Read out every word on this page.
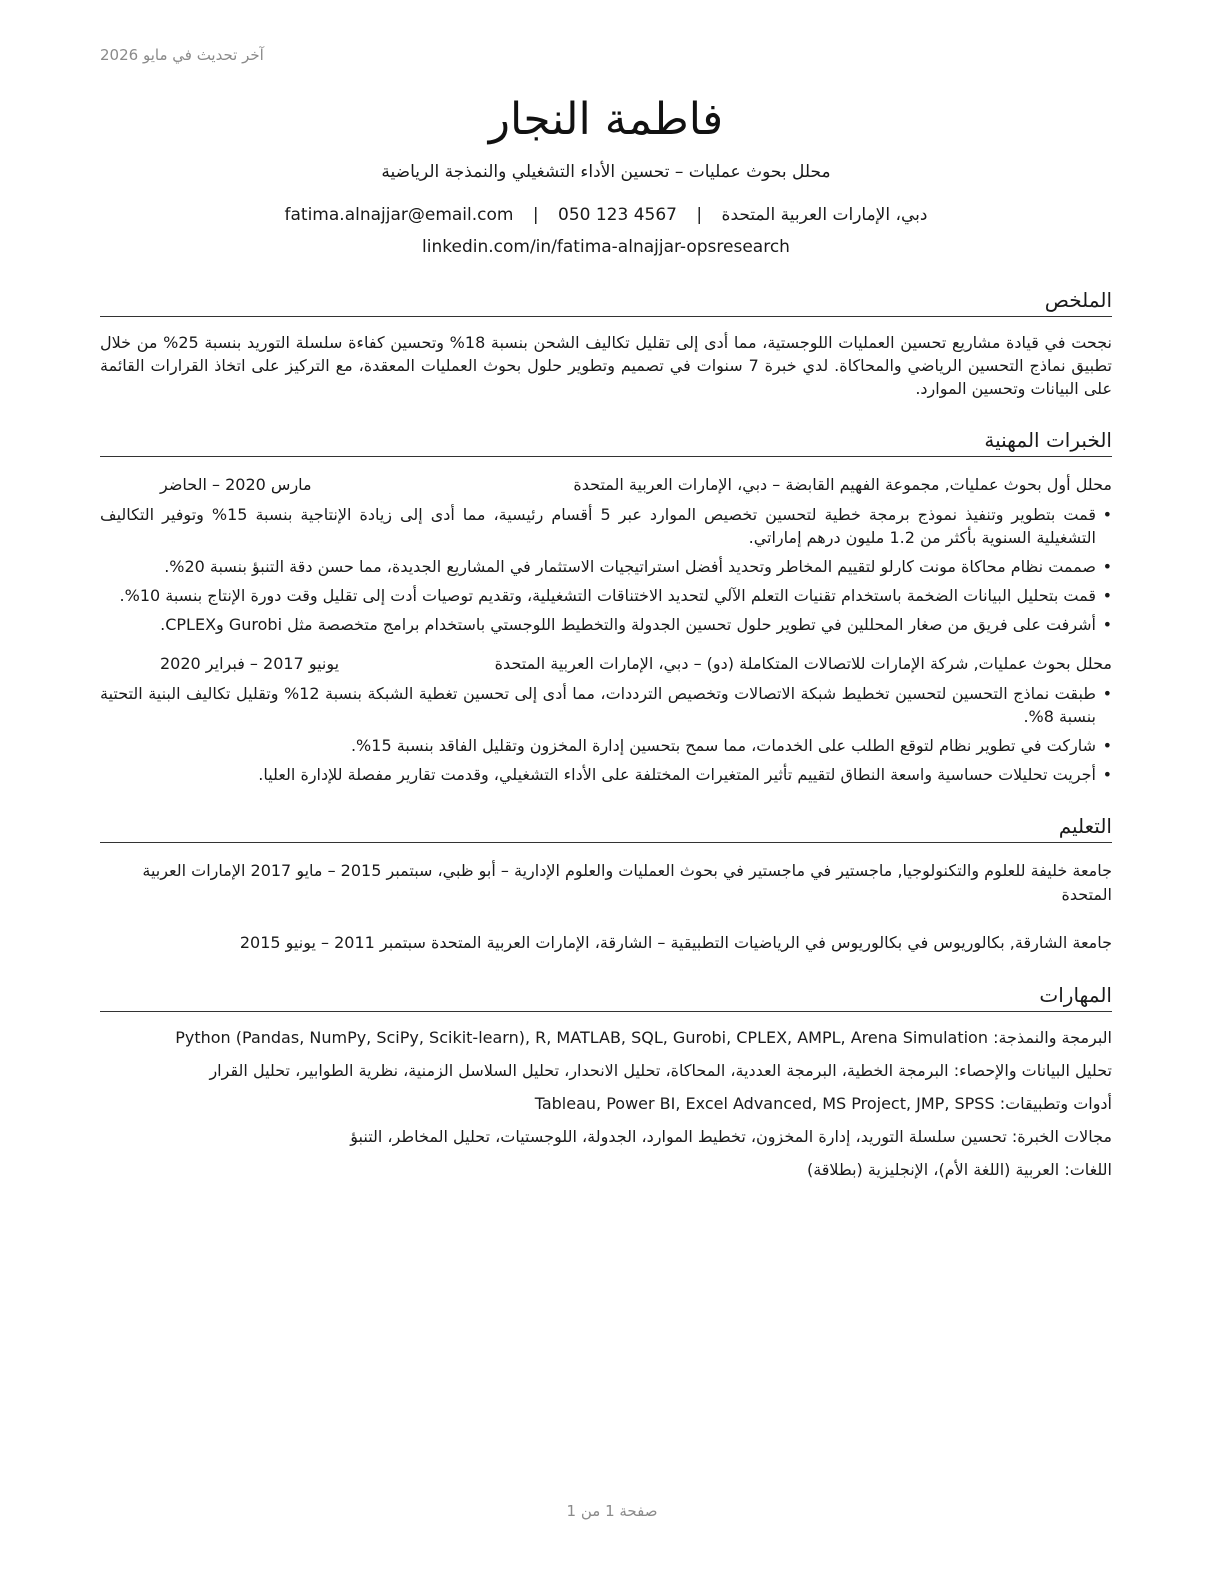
آخر تحديث في مايو 2026
فاطمة النجار
محلل بحوث عمليات – تحسين الأداء التشغيلي والنمذجة الرياضية
دبي، الإمارات العربية المتحدة | fatima.alnajjar@email.com | 050 123 4567
linkedin.com/in/fatima-alnajjar-opsresearch
الملخص
نجحت في قيادة مشاريع تحسين العمليات اللوجستية، مما أدى إلى تقليل تكاليف الشحن بنسبة 18% وتحسين كفاءة سلسلة التوريد بنسبة 25% من خلال تطبيق نماذج التحسين الرياضي والمحاكاة. لدي خبرة 7 سنوات في تصميم وتطوير حلول بحوث العمليات المعقدة، مع التركيز على اتخاذ القرارات القائمة على البيانات وتحسين الموارد.
الخبرات المهنية
محلل أول بحوث عمليات, مجموعة الفهيم القابضة – دبي، الإمارات العربية المتحدة
مارس 2020 – الحاضر
•
قمت بتطوير وتنفيذ نموذج برمجة خطية لتحسين تخصيص الموارد عبر 5 أقسام رئيسية، مما أدى إلى زيادة الإنتاجية بنسبة 15% وتوفير التكاليف التشغيلية السنوية بأكثر من 1.2 مليون درهم إماراتي.
•
صممت نظام محاكاة مونت كارلو لتقييم المخاطر وتحديد أفضل استراتيجيات الاستثمار في المشاريع الجديدة، مما حسن دقة التنبؤ بنسبة 20%.
•
قمت بتحليل البيانات الضخمة باستخدام تقنيات التعلم الآلي لتحديد الاختناقات التشغيلية، وتقديم توصيات أدت إلى تقليل وقت دورة الإنتاج بنسبة 10%.
•
أشرفت على فريق من صغار المحللين في تطوير حلول تحسين الجدولة والتخطيط اللوجستي باستخدام برامج متخصصة مثل Gurobi وCPLEX.
محلل بحوث عمليات, شركة الإمارات للاتصالات المتكاملة (دو) – دبي، الإمارات العربية المتحدة
يونيو 2017 – فبراير 2020
•
طبقت نماذج التحسين لتحسين تخطيط شبكة الاتصالات وتخصيص الترددات، مما أدى إلى تحسين تغطية الشبكة بنسبة 12% وتقليل تكاليف البنية التحتية بنسبة 8%.
•
شاركت في تطوير نظام لتوقع الطلب على الخدمات، مما سمح بتحسين إدارة المخزون وتقليل الفاقد بنسبة 15%.
•
أجريت تحليلات حساسية واسعة النطاق لتقييم تأثير المتغيرات المختلفة على الأداء التشغيلي، وقدمت تقارير مفصلة للإدارة العليا.
التعليم
جامعة خليفة للعلوم والتكنولوجيا, ماجستير في ماجستير في بحوث العمليات والعلوم الإدارية – أبو ظبي، سبتمبر 2015 – مايو 2017 الإمارات العربية المتحدة
جامعة الشارقة, بكالوريوس في بكالوريوس في الرياضيات التطبيقية – الشارقة، الإمارات العربية المتحدة سبتمبر 2011 – يونيو 2015
المهارات
البرمجة والنمذجة: Python (Pandas, NumPy, SciPy, Scikit-learn), R, MATLAB, SQL, Gurobi, CPLEX, AMPL, Arena Simulation
تحليل البيانات والإحصاء: البرمجة الخطية، البرمجة العددية، المحاكاة، تحليل الانحدار، تحليل السلاسل الزمنية، نظرية الطوابير، تحليل القرار
أدوات وتطبيقات: Tableau, Power BI, Excel Advanced, MS Project, JMP, SPSS
مجالات الخبرة: تحسين سلسلة التوريد، إدارة المخزون، تخطيط الموارد، الجدولة، اللوجستيات، تحليل المخاطر، التنبؤ
اللغات: العربية (اللغة الأم)، الإنجليزية (بطلاقة)
صفحة 1 من 1
